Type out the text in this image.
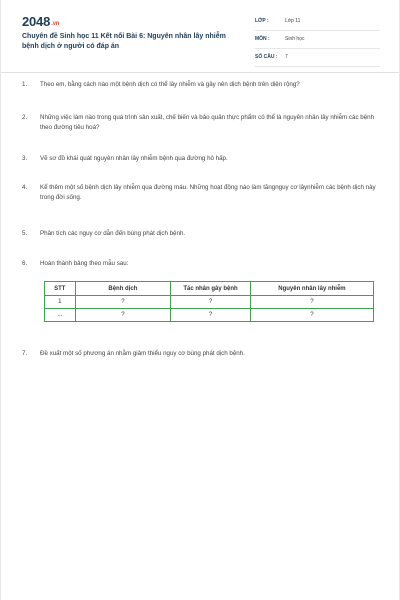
2048.vn
Chuyên đề Sinh học 11 Kết nối Bài 6: Nguyên nhân lây nhiễm bệnh dịch ở người có đáp án
LỚP :	Lớp 11
MÔN :	Sinh học
SỐ CÂU : 7
1.	Theo em, bằng cách nào một bệnh dịch có thể lây nhiễm và gây nên dịch bệnh trên diện rộng?
2.	Những việc làm nào trong quá trình sản xuất, chế biến và bảo quản thực phẩm có thể là nguyên nhân lây nhiễm các bệnh theo đường tiêu hoá?
3.	Vẽ sơ đồ khái quát nguyên nhân lây nhiễm bệnh qua đường hô hấp.
4.	Kể thêm một số bệnh dịch lây nhiễm qua đường máu. Những hoạt động nào làm tăngnguy cơ lâynhiễm các bệnh dịch này trong đời sống.
5.	Phân tích các nguy cơ dẫn đến bùng phát dịch bệnh.
6.	Hoàn thành bảng theo mẫu sau:
STT	Bệnh dịch	Tác nhân gây bệnh	Nguyên nhân lây nhiễm
1	?	?	?
...	?	?	?
7.	Đề xuất một số phương án nhằm giảm thiểu nguy cơ bùng phát dịch bệnh.
